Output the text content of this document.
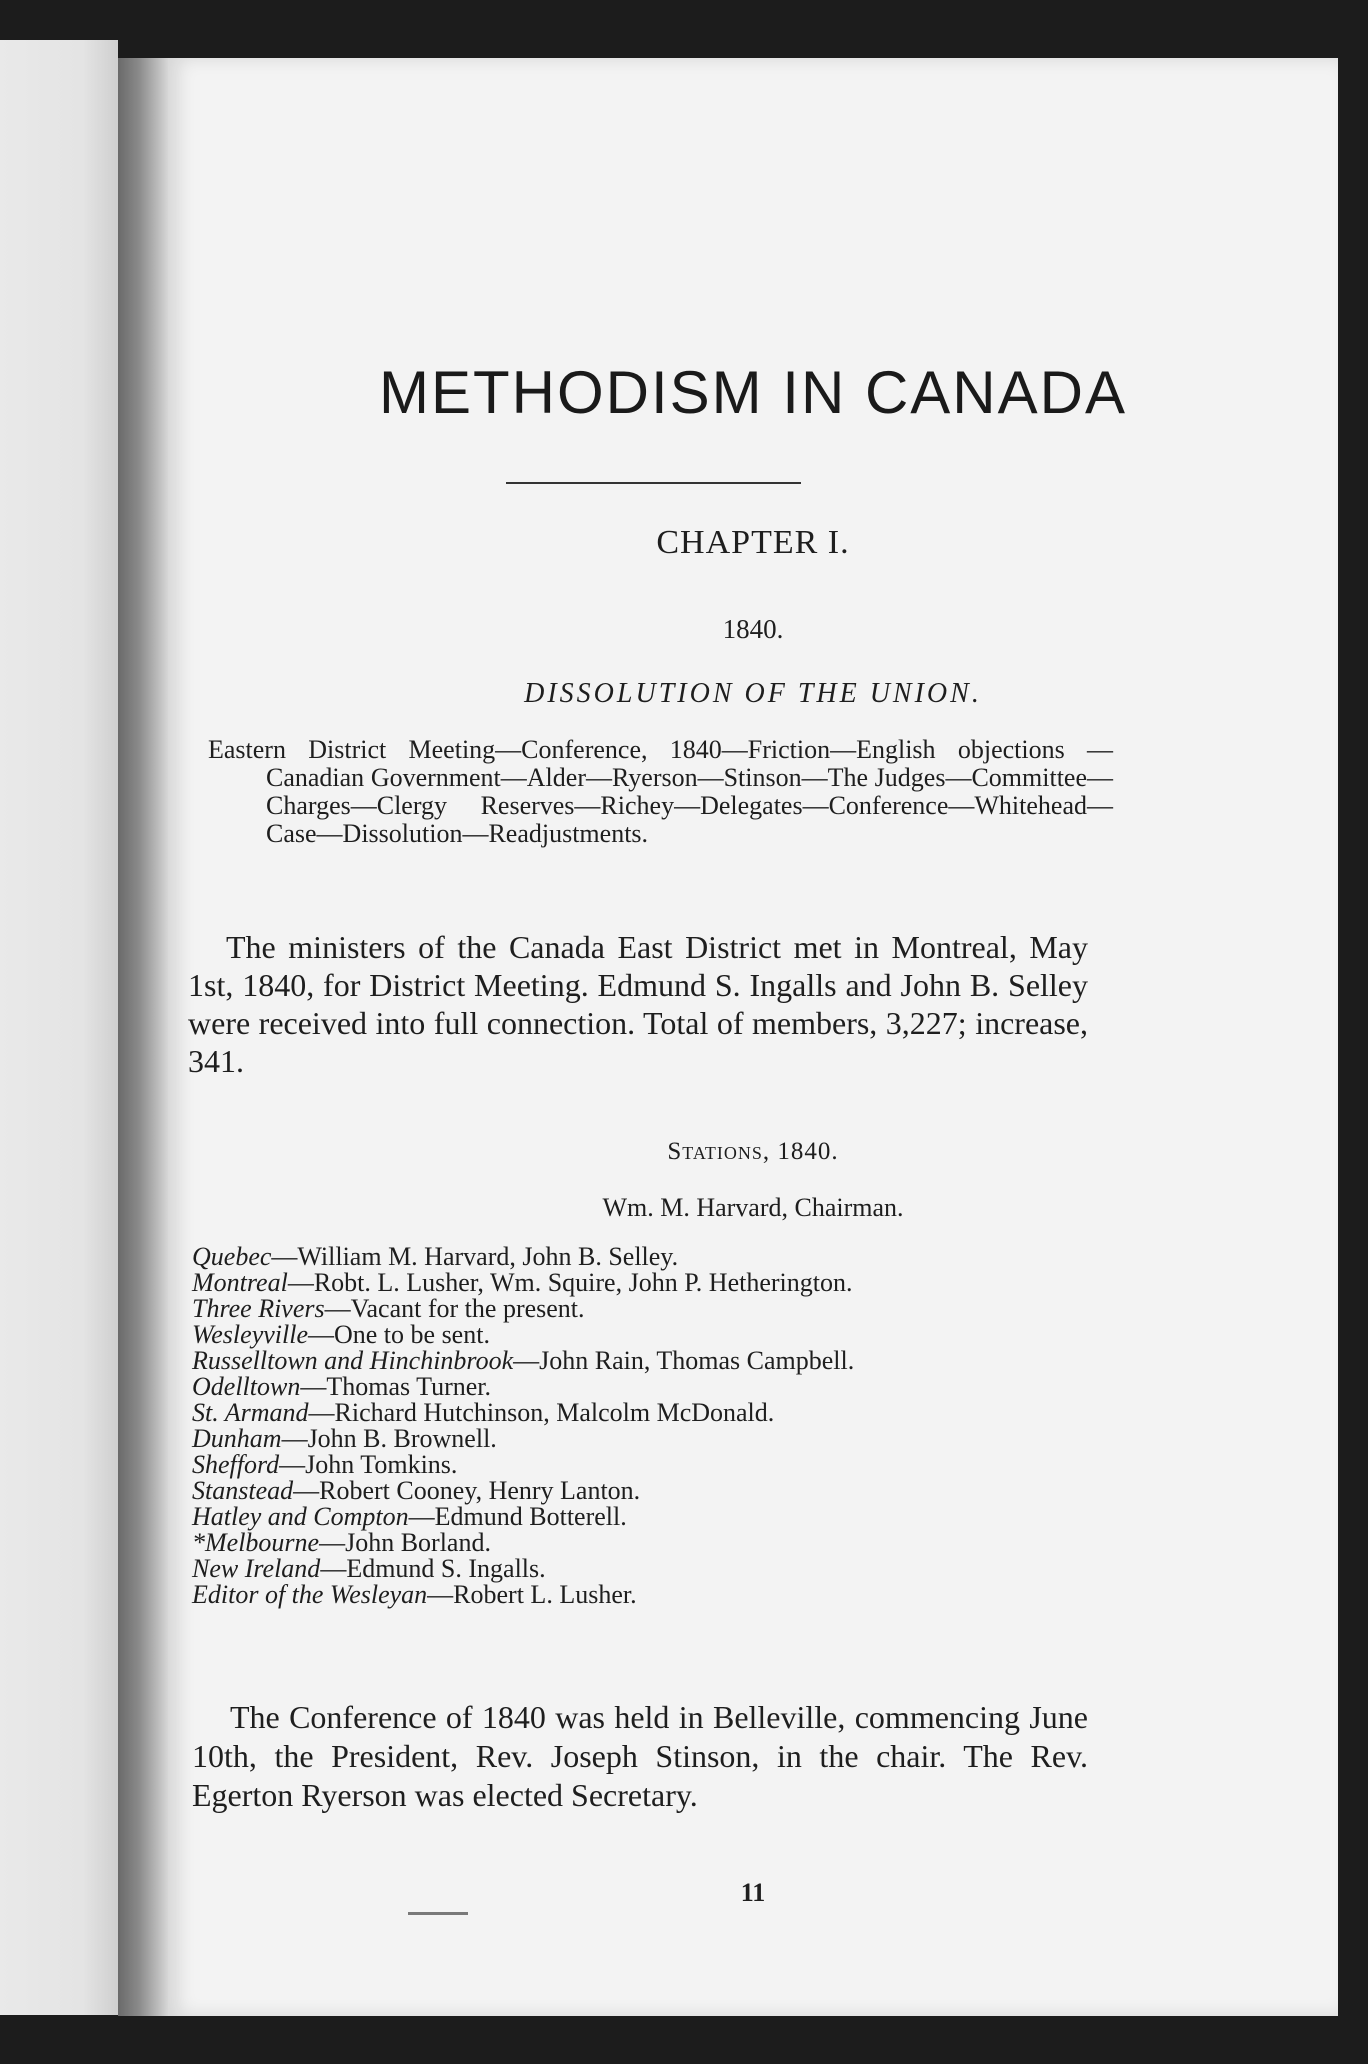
METHODISM IN CANADA
CHAPTER I.
1840.
DISSOLUTION OF THE UNION.
Eastern District Meeting—Conference, 1840—Friction—English objections — Canadian Government—Alder—Ryerson—Stinson—The Judges—Committee—Charges—Clergy Reserves—Richey—Delegates—Conference—Whitehead—Case—Dissolution—Readjustments.

The ministers of the Canada East District met in Montreal, May 1st, 1840, for District Meeting. Edmund S. Ingalls and John B. Selley were received into full connection. Total of members, 3,227; increase, 341.

Stations, 1840.
Wm. M. Harvard, Chairman.
Quebec—William M. Harvard, John B. Selley.
Montreal—Robt. L. Lusher, Wm. Squire, John P. Hetherington.
Three Rivers—Vacant for the present.
Wesleyville—One to be sent.
Russelltown and Hinchinbrook—John Rain, Thomas Campbell.
Odelltown—Thomas Turner.
St. Armand—Richard Hutchinson, Malcolm McDonald.
Dunham—John B. Brownell.
Shefford—John Tomkins.
Stanstead—Robert Cooney, Henry Lanton.
Hatley and Compton—Edmund Botterell.
*Melbourne—John Borland.
New Ireland—Edmund S. Ingalls.
Editor of the Wesleyan—Robert L. Lusher.

The Conference of 1840 was held in Belleville, commencing June 10th, the President, Rev. Joseph Stinson, in the chair. The Rev. Egerton Ryerson was elected Secretary.

11
